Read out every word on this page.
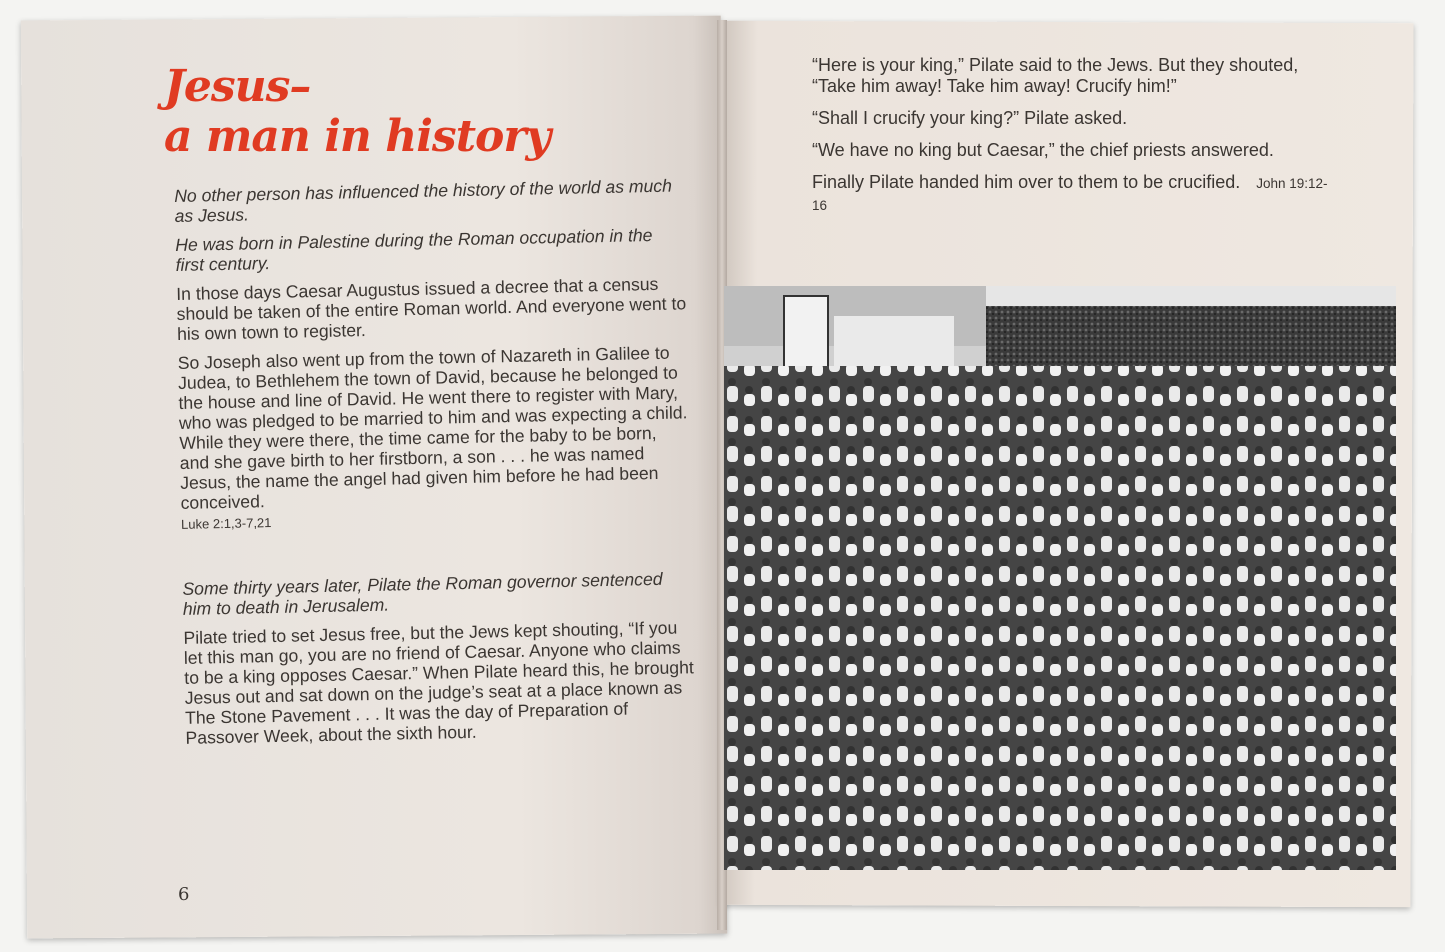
Jesus–
a man in history

No other person has influenced the history of the world as much as Jesus.

He was born in Palestine during the Roman occupation in the first century.

In those days Caesar Augustus issued a decree that a census should be taken of the entire Roman world. And everyone went to his own town to register.

So Joseph also went up from the town of Nazareth in Galilee to Judea, to Bethlehem the town of David, because he belonged to the house and line of David. He went there to register with Mary, who was pledged to be married to him and was expecting a child. While they were there, the time came for the baby to be born, and she gave birth to her firstborn, a son . . . he was named Jesus, the name the angel had given him before he had been conceived.

Luke 2:1,3-7,21

Some thirty years later, Pilate the Roman governor sentenced him to death in Jerusalem.

Pilate tried to set Jesus free, but the Jews kept shouting, “If you let this man go, you are no friend of Caesar. Anyone who claims to be a king opposes Caesar.” When Pilate heard this, he brought Jesus out and sat down on the judge’s seat at a place known as The Stone Pavement . . . It was the day of Preparation of Passover Week, about the sixth hour.

6

“Here is your king,” Pilate said to the Jews. But they shouted, “Take him away! Take him away! Crucify him!”

“Shall I crucify your king?” Pilate asked.

“We have no king but Caesar,” the chief priests answered.

Finally Pilate handed him over to them to be crucified. John 19:12-16
